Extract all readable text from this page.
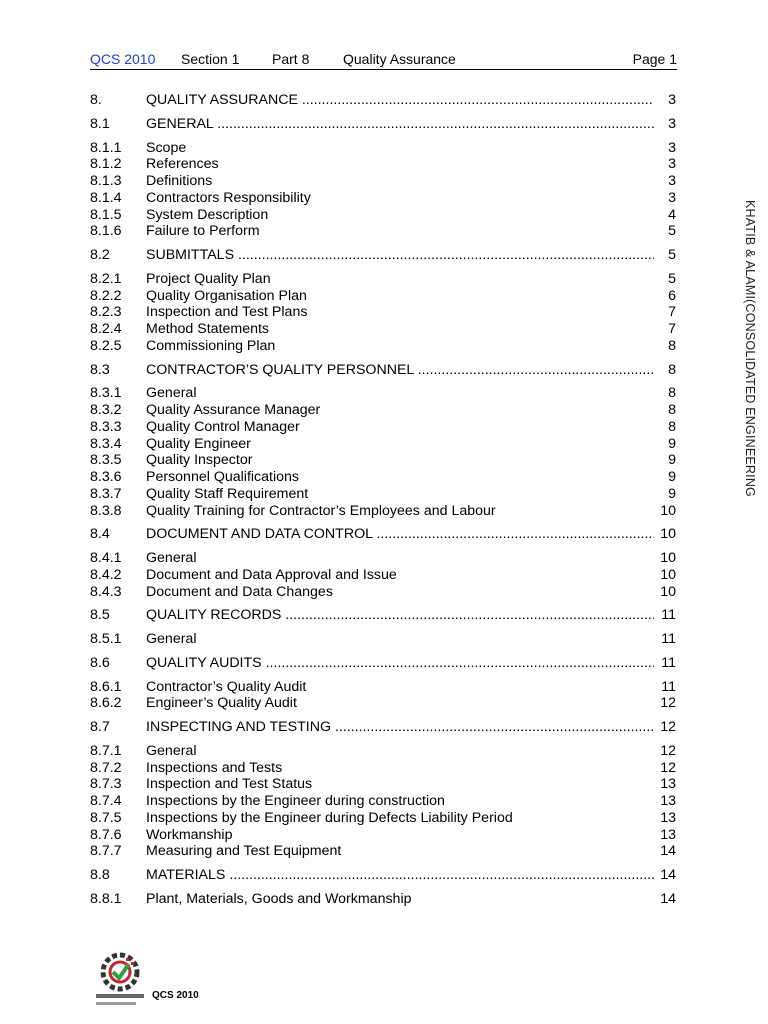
QCS 2010 Section 1 Part 8 Quality Assurance	Page 1
8.	QUALITY ASSURANCE .....	3
8.1	GENERAL .....	3
8.1.1 Scope	3
8.1.2 References	3
8.1.3 Definitions	3
8.1.4 Contractors Responsibility	3
8.1.5 System Description	4
8.1.6 Failure to Perform	5
8.2	SUBMITTALS .....	5
8.2.1 Project Quality Plan	5
8.2.2 Quality Organisation Plan	6
8.2.3 Inspection and Test Plans	7
8.2.4 Method Statements	7
8.2.5 Commissioning Plan	8
8.3	CONTRACTOR’S QUALITY PERSONNEL .....	8
8.3.1 General	8
8.3.2 Quality Assurance Manager	8
8.3.3 Quality Control Manager	8
8.3.4 Quality Engineer	9
8.3.5 Quality Inspector	9
8.3.6 Personnel Qualifications	9
8.3.7 Quality Staff Requirement	9
8.3.8 Quality Training for Contractor’s Employees and Labour	10
8.4	DOCUMENT AND DATA CONTROL .....	10
8.4.1 General	10
8.4.2 Document and Data Approval and Issue	10
8.4.3 Document and Data Changes	10
8.5	QUALITY RECORDS .....	11
8.5.1 General	11
8.6	QUALITY AUDITS .....	11
8.6.1 Contractor’s Quality Audit	11
8.6.2 Engineer’s Quality Audit	12
8.7	INSPECTING AND TESTING .....	12
8.7.1 General	12
8.7.2 Inspections and Tests	12
8.7.3 Inspection and Test Status	13
8.7.4 Inspections by the Engineer during construction	13
8.7.5 Inspections by the Engineer during Defects Liability Period	13
8.7.6 Workmanship	13
8.7.7 Measuring and Test Equipment	14
8.8	MATERIALS .....	14
8.8.1 Plant, Materials, Goods and Workmanship	14
KHATIB & ALAMI(CONSOLIDATED ENGINEERING
QCS 2010
